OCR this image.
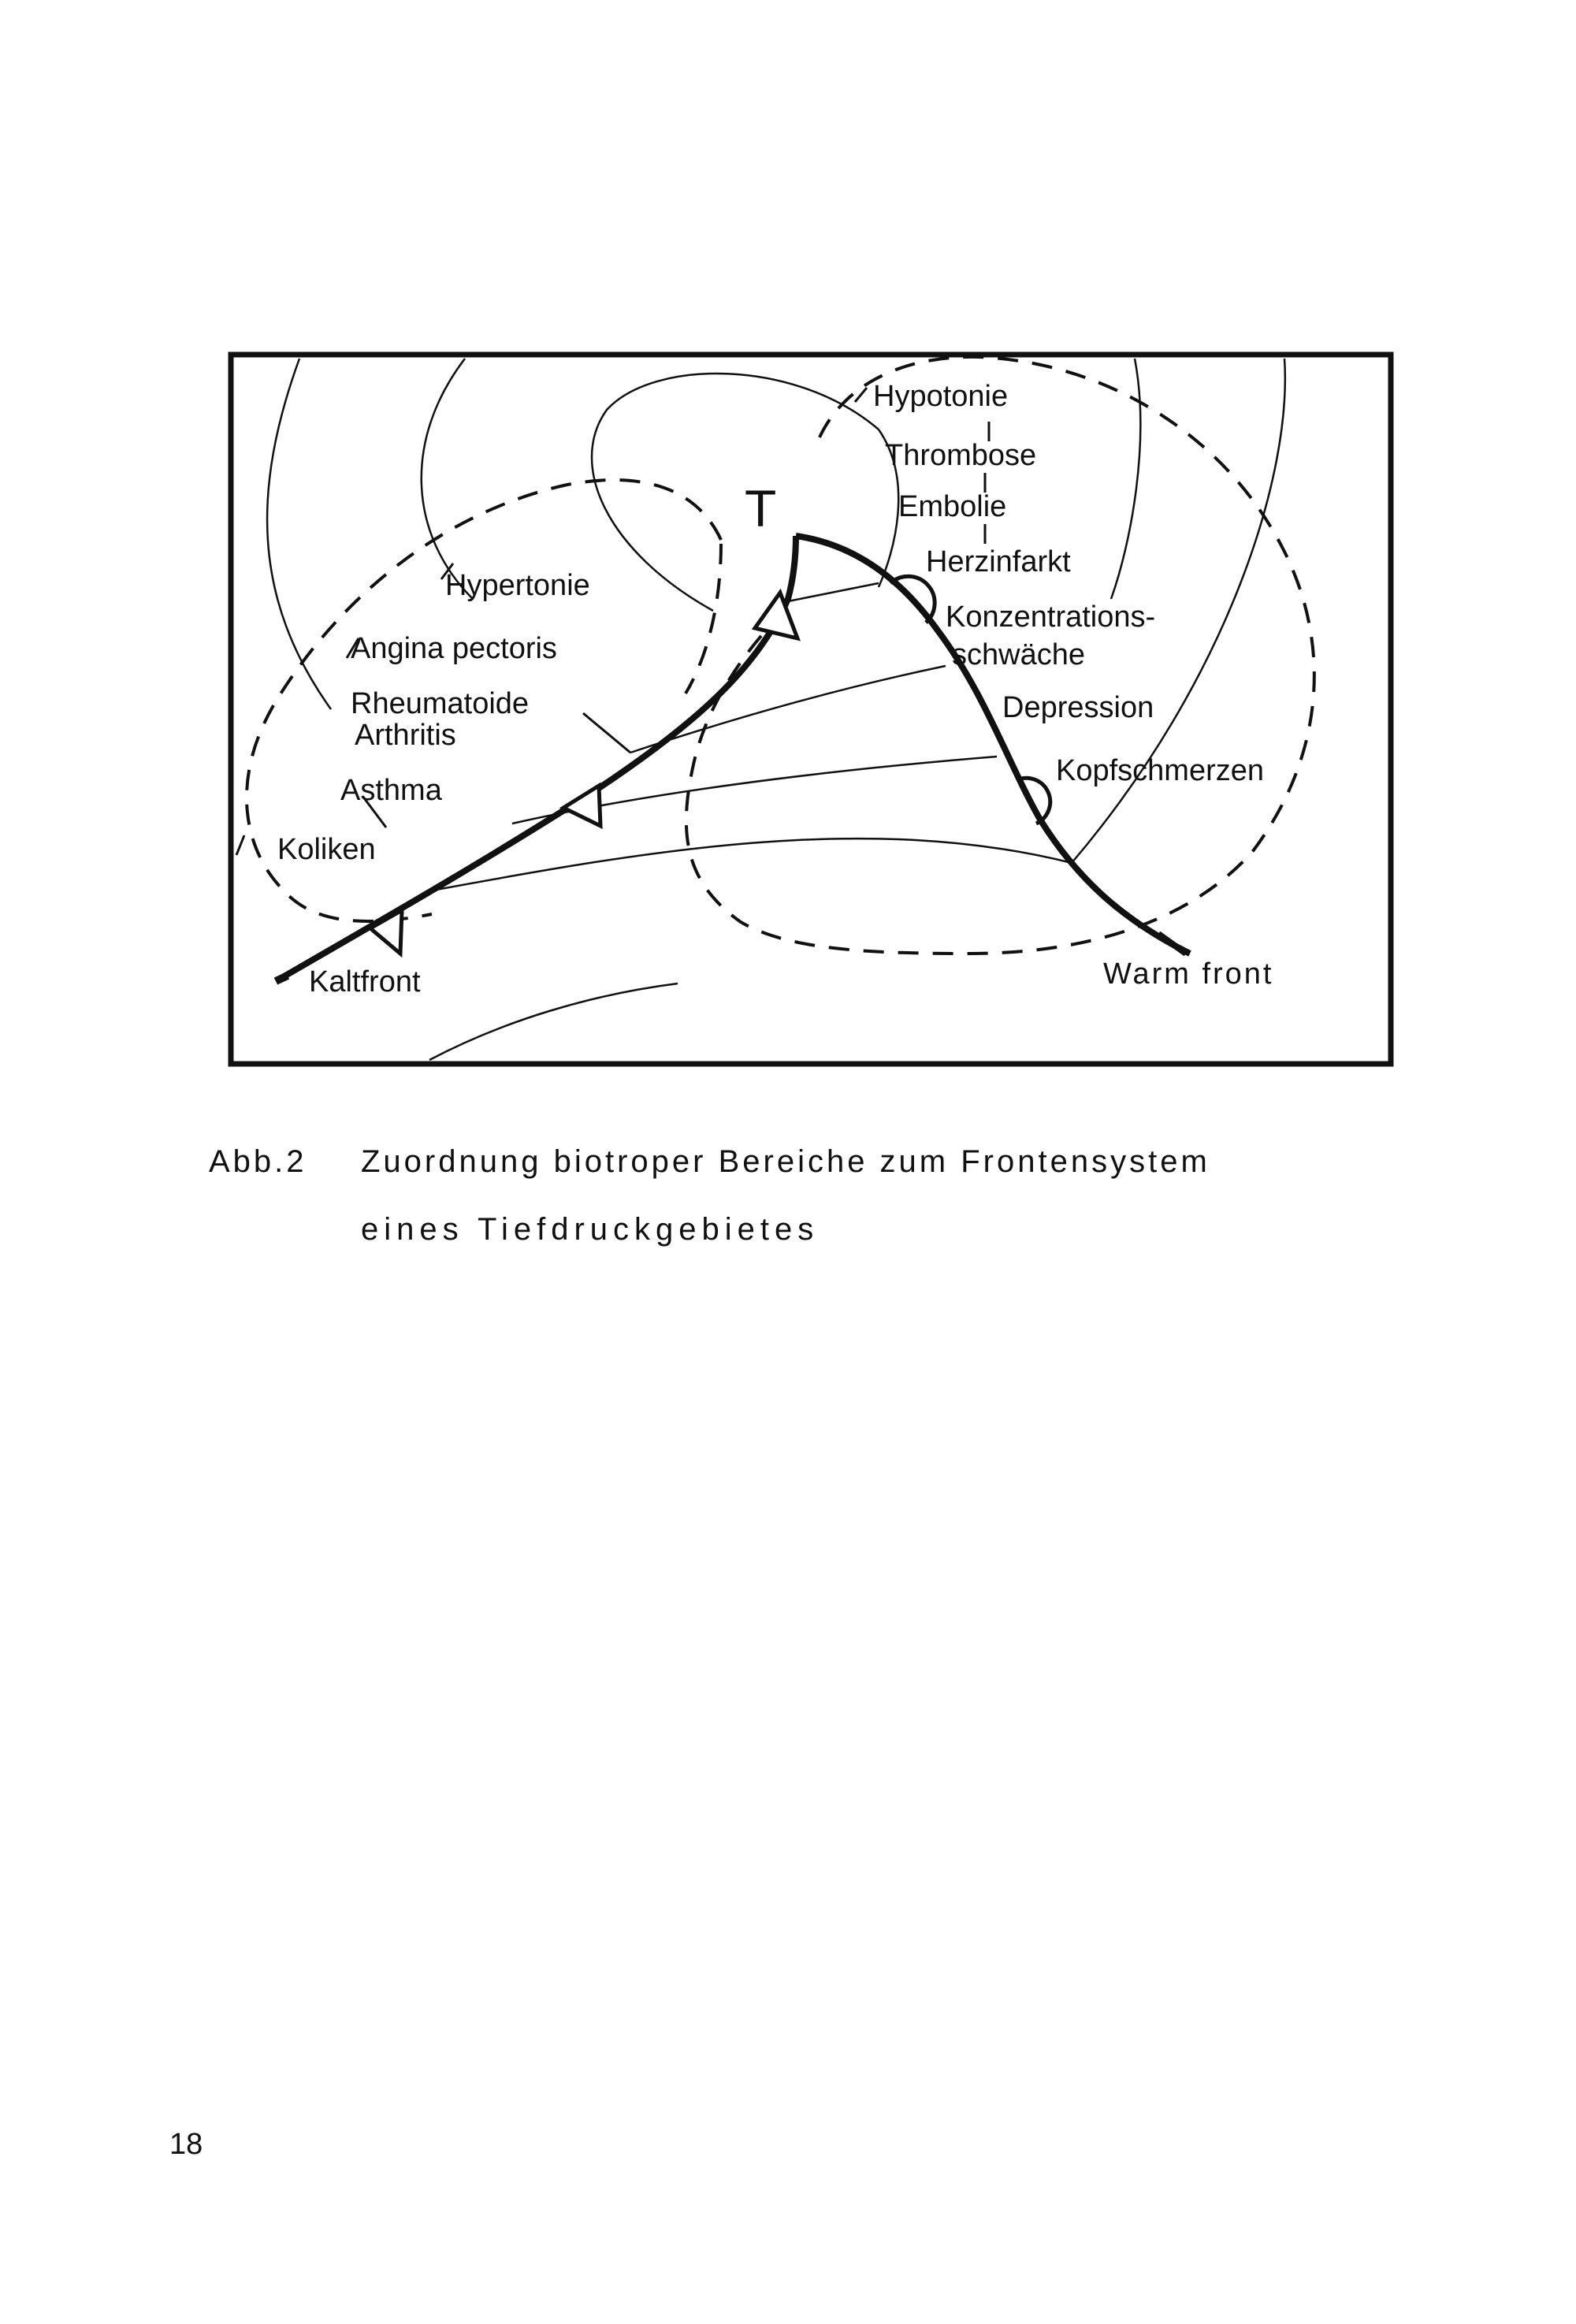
T
Hypotonie
Thrombose
Embolie
Herzinfarkt
Konzentrations-
schwäche
Depression
Kopfschmerzen
Hypertonie
Angina pectoris
Rheumatoide
Arthritis
Asthma
Koliken
Kaltfront	Warm front

Abb.2 Zuordnung biotroper Bereiche zum Frontensystem

eines Tiefdruckgebietes

18
